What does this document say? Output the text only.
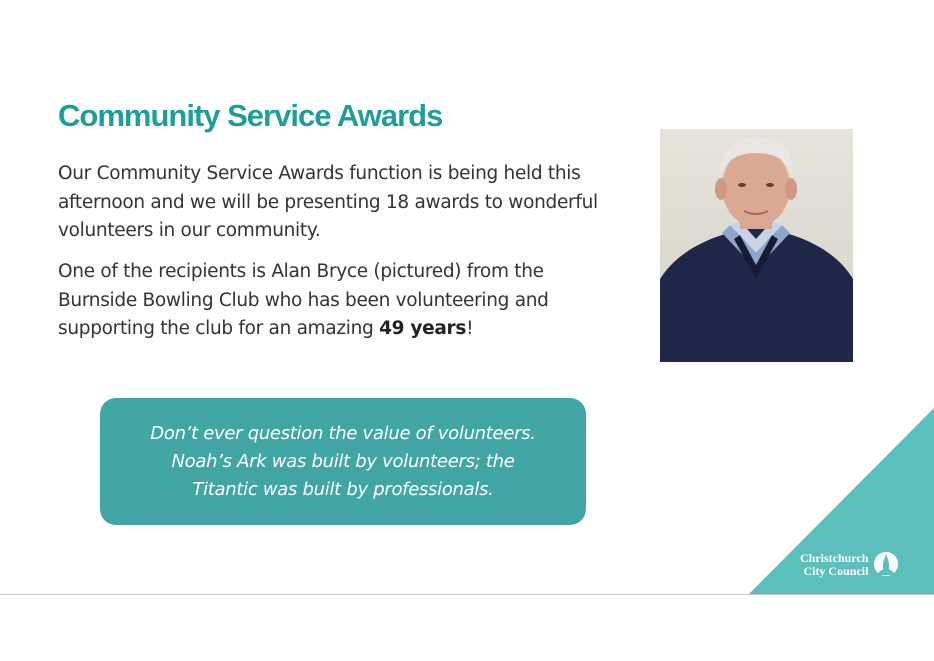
Community Service Awards

Our Community Service Awards function is being held this afternoon and we will be presenting 18 awards to wonderful volunteers in our community.

One of the recipients is Alan Bryce (pictured) from the Burnside Bowling Club who has been volunteering and supporting the club for an amazing 49 years!

Don’t ever question the value of volunteers.
Noah’s Ark was built by volunteers; the
Titantic was built by professionals.
Christchurch
City Council
